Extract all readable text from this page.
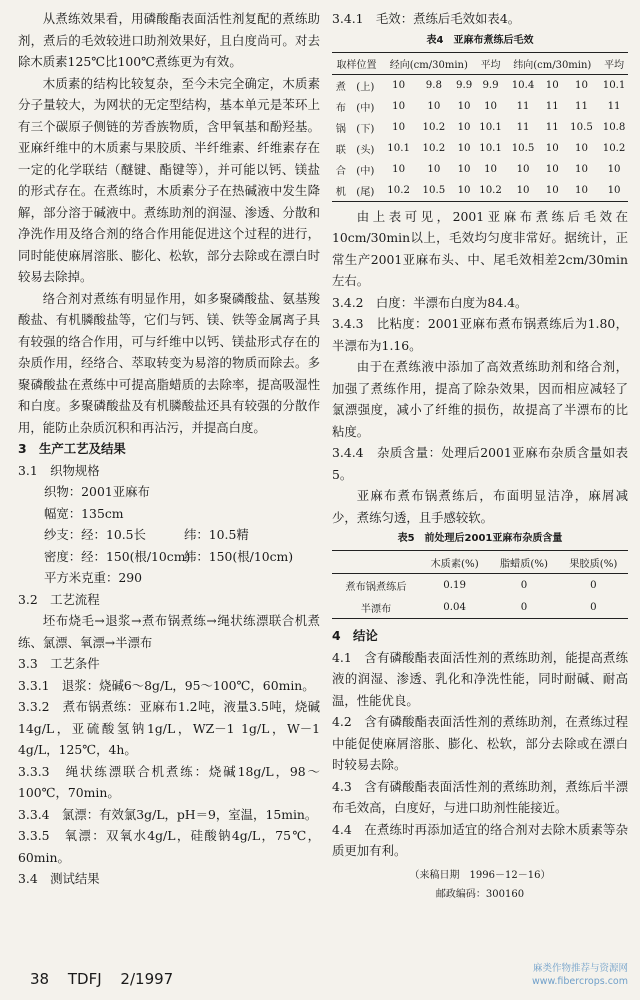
从煮练效果看，用磷酸酯表面活性剂复配的煮练助剂，煮后的毛效较进口助剂效果好，且白度尚可。对去除木质素125℃比100℃煮练更为有效。

木质素的结构比较复杂，至今未完全确定，木质素分子量较大，为网状的无定型结构，基本单元是苯环上有三个碳原子侧链的芳香族物质，含甲氧基和酚羟基。亚麻纤维中的木质素与果胶质、半纤维素、纤维素存在一定的化学联结（醚键、酯键等），并可能以钙、镁盐的形式存在。在煮练时，木质素分子在热碱液中发生降解，部分溶于碱液中。煮练助剂的润湿、渗透、分散和净洗作用及络合剂的络合作用能促进这个过程的进行，同时能使麻屑溶胀、膨化、松软，部分去除或在漂白时较易去除掉。

络合剂对煮练有明显作用，如多聚磷酸盐、氨基羧酸盐、有机膦酸盐等，它们与钙、镁、铁等金属离子具有较强的络合作用，可与纤维中以钙、镁盐形式存在的杂质作用，经络合、萃取转变为易溶的物质而除去。多聚磷酸盐在煮练中可提高脂蜡质的去除率，提高吸湿性和白度。多聚磷酸盐及有机膦酸盐还具有较强的分散作用，能防止杂质沉积和再沾污，并提高白度。

3　生产工艺及结果
3.1　织物规格
织物：2001亚麻布
幅宽：135cm
纱支：经：10.5长	纬：10.5精
密度：经：150(根/10cm)
纬：150(根/10cm)
平方米克重：290
3.2　工艺流程

坯布烧毛→退浆→煮布锅煮练→绳状练漂联合机煮练、氯漂、氧漂→半漂布

3.3　工艺条件

3.3.1　退浆：烧碱6～8g/L，95～100℃，60min。

3.3.2　煮布锅煮练：亚麻布1.2吨，液量3.5吨，烧碱14g/L，亚硫酸氢钠1g/L，WZ－1 1g/L，W－1 4g/L，125℃，4h。

3.3.3　绳状练漂联合机煮练：烧碱18g/L，98～100℃，70min。

3.3.4　氯漂：有效氯3g/L，pH＝9，室温，15min。

3.3.5　氧漂：双氧水4g/L，硅酸钠4g/L，75℃，60min。

3.4　测试结果
3.4.1　毛效：煮练后毛效如表4。
表4　亚麻布煮练后毛效
取样位置		经向(cm/30min)			平均	纬向(cm/30min)			平均
煮	(上)	10	9.8	9.9	9.9	10.4	10	10	10.1
布	(中)	10	10	10	10	11	11	11	11
锅	(下)	10	10.2	10	10.1	11	11	10.5	10.8
联	(头)	10.1	10.2	10	10.1	10.5	10	10	10.2
合	(中)	10	10	10	10	10	10	10	10
机	(尾)	10.2	10.5	10	10.2	10	10	10	10

由上表可见，2001亚麻布煮练后毛效在10cm/30min以上，毛效均匀度非常好。据统计，正常生产2001亚麻布头、中、尾毛效相差2cm/30min左右。

3.4.2　白度：半漂布白度为84.4。

3.4.3　比粘度：2001亚麻布煮布锅煮练后为1.80，半漂布为1.16。

由于在煮练液中添加了高效煮练助剂和络合剂，加强了煮练作用，提高了除杂效果，因而相应减轻了氯漂强度，减小了纤维的损伤，故提高了半漂布的比粘度。

3.4.4　杂质含量：处理后2001亚麻布杂质含量如表5。

亚麻布煮布锅煮练后，布面明显洁净，麻屑减少，煮练匀透，且手感较软。

表5　前处理后2001亚麻布杂质含量
	木质素(%)	脂蜡质(%)	果胶质(%)
煮布锅煮练后	0.19	0	0
半漂布	0.04	0	0
4　结论

4.1　含有磷酸酯表面活性剂的煮练助剂，能提高煮练液的润湿、渗透、乳化和净洗性能，同时耐碱、耐高温，性能优良。

4.2　含有磷酸酯表面活性剂的煮练助剂，在煮练过程中能促使麻屑溶胀、膨化、松软，部分去除或在漂白时较易去除。

4.3　含有磷酸酯表面活性剂的煮练助剂，煮练后半漂布毛效高，白度好，与进口助剂性能接近。

4.4　在煮练时再添加适宜的络合剂对去除木质素等杂质更加有利。

（来稿日期　1996－12－16）
邮政编码：300160
38 TDFJ 2/1997
麻类作物推荐与资源网
www.fibercrops.com
